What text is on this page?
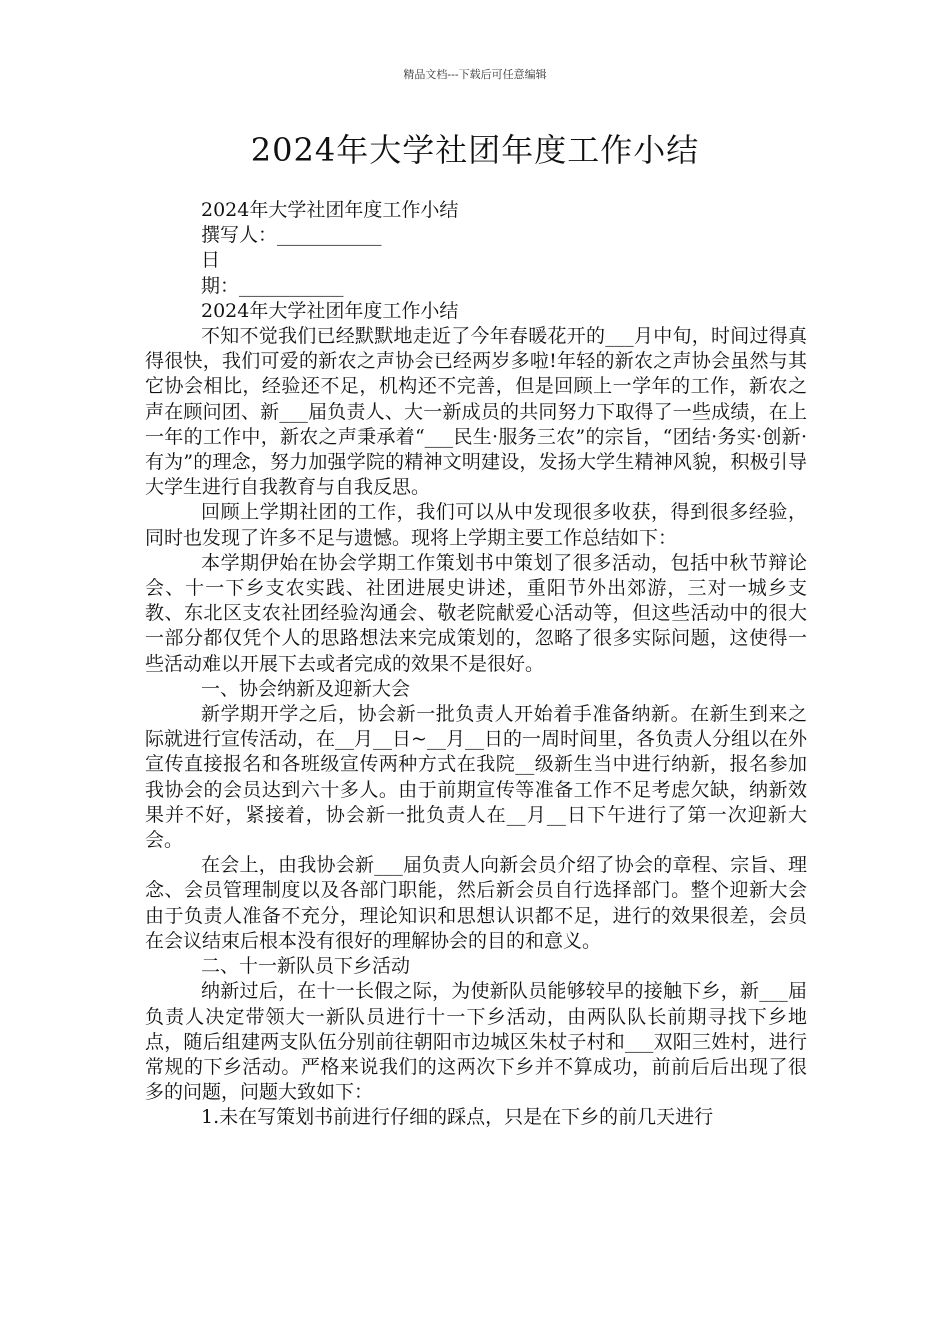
精品文档---下载后可任意编辑
2024年大学社团年度工作小结
2024年大学社团年度工作小结
撰写人：___________
日
期：___________
2024年大学社团年度工作小结

不知不觉我们已经默默地走近了今年春暖花开的___月中旬，时间过得真得很快，我们可爱的新农之声协会已经两岁多啦!年轻的新农之声协会虽然与其它协会相比，经验还不足，机构还不完善，但是回顾上一学年的工作，新农之声在顾问团、新___届负责人、大一新成员的共同努力下取得了一些成绩，在上一年的工作中，新农之声秉承着“___民生·服务三农”的宗旨，“团结·务实·创新·有为”的理念，努力加强学院的精神文明建设，发扬大学生精神风貌，积极引导大学生进行自我教育与自我反思。

回顾上学期社团的工作，我们可以从中发现很多收获，得到很多经验，同时也发现了许多不足与遗憾。现将上学期主要工作总结如下：

本学期伊始在协会学期工作策划书中策划了很多活动，包括中秋节辩论会、十一下乡支农实践、社团进展史讲述，重阳节外出郊游，三对一城乡支教、东北区支农社团经验沟通会、敬老院献爱心活动等，但这些活动中的很大一部分都仅凭个人的思路想法来完成策划的，忽略了很多实际问题，这使得一些活动难以开展下去或者完成的效果不是很好。

一、协会纳新及迎新大会

新学期开学之后，协会新一批负责人开始着手准备纳新。在新生到来之际就进行宣传活动，在__月__日~__月__日的一周时间里，各负责人分组以在外宣传直接报名和各班级宣传两种方式在我院__级新生当中进行纳新，报名参加我协会的会员达到六十多人。由于前期宣传等准备工作不足考虑欠缺，纳新效果并不好，紧接着，协会新一批负责人在__月__日下午进行了第一次迎新大会。

在会上，由我协会新___届负责人向新会员介绍了协会的章程、宗旨、理念、会员管理制度以及各部门职能，然后新会员自行选择部门。整个迎新大会由于负责人准备不充分，理论知识和思想认识都不足，进行的效果很差，会员在会议结束后根本没有很好的理解协会的目的和意义。

二、十一新队员下乡活动

纳新过后，在十一长假之际，为使新队员能够较早的接触下乡，新___届负责人决定带领大一新队员进行十一下乡活动，由两队队长前期寻找下乡地点，随后组建两支队伍分别前往朝阳市边城区朱杖子村和___双阳三姓村，进行常规的下乡活动。严格来说我们的这两次下乡并不算成功，前前后后出现了很多的问题，问题大致如下：

1.未在写策划书前进行仔细的踩点，只是在下乡的前几天进行
